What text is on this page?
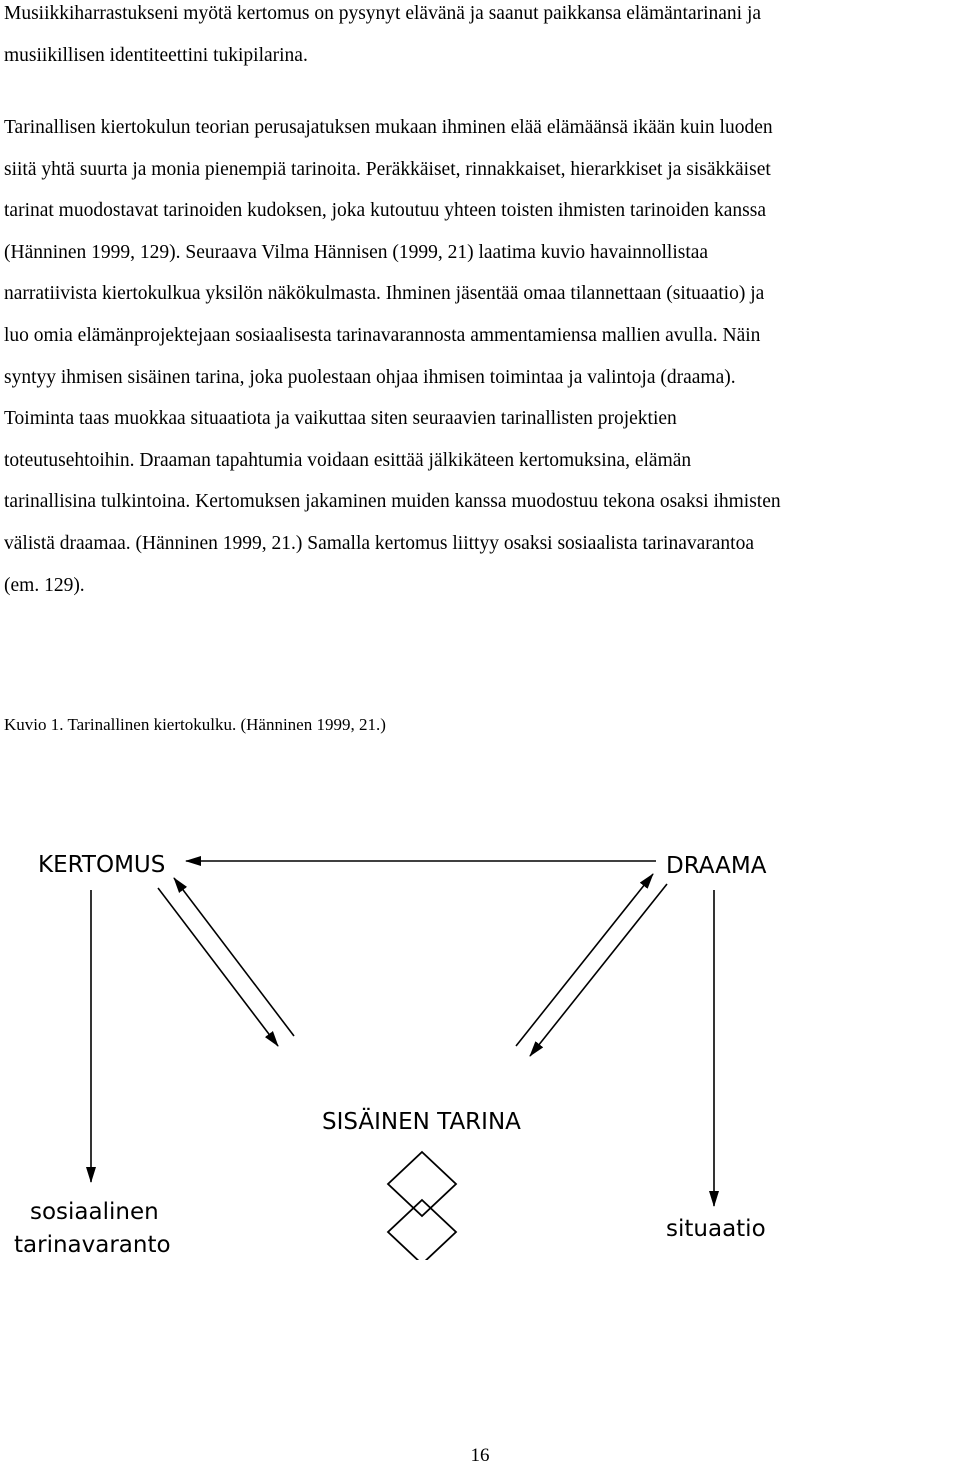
Musiikkiharrastukseni myötä kertomus on pysynyt elävänä ja saanut paikkansa elämäntarinani ja
musiikillisen identiteettini tukipilarina.
Tarinallisen kiertokulun teorian perusajatuksen mukaan ihminen elää elämäänsä ikään kuin luoden
siitä yhtä suurta ja monia pienempiä tarinoita. Peräkkäiset, rinnakkaiset, hierarkkiset ja sisäkkäiset
tarinat muodostavat tarinoiden kudoksen, joka kutoutuu yhteen toisten ihmisten tarinoiden kanssa
(Hänninen 1999, 129). Seuraava Vilma Hännisen (1999, 21) laatima kuvio havainnollistaa
narratiivista kiertokulkua yksilön näkökulmasta. Ihminen jäsentää omaa tilannettaan (situaatio) ja
luo omia elämänprojektejaan sosiaalisesta tarinavarannosta ammentamiensa mallien avulla. Näin
syntyy ihmisen sisäinen tarina, joka puolestaan ohjaa ihmisen toimintaa ja valintoja (draama).
Toiminta taas muokkaa situaatiota ja vaikuttaa siten seuraavien tarinallisten projektien
toteutusehtoihin. Draaman tapahtumia voidaan esittää jälkikäteen kertomuksina, elämän
tarinallisina tulkintoina. Kertomuksen jakaminen muiden kanssa muodostuu tekona osaksi ihmisten
välistä draamaa. (Hänninen 1999, 21.) Samalla kertomus liittyy osaksi sosiaalista tarinavarantoa
(em. 129).
Kuvio 1. Tarinallinen kiertokulku. (Hänninen 1999, 21.)
KERTOMUS	DRAAMA
SISÄINEN TARINA
sosiaalinen
tarinavaranto
situaatio
16
